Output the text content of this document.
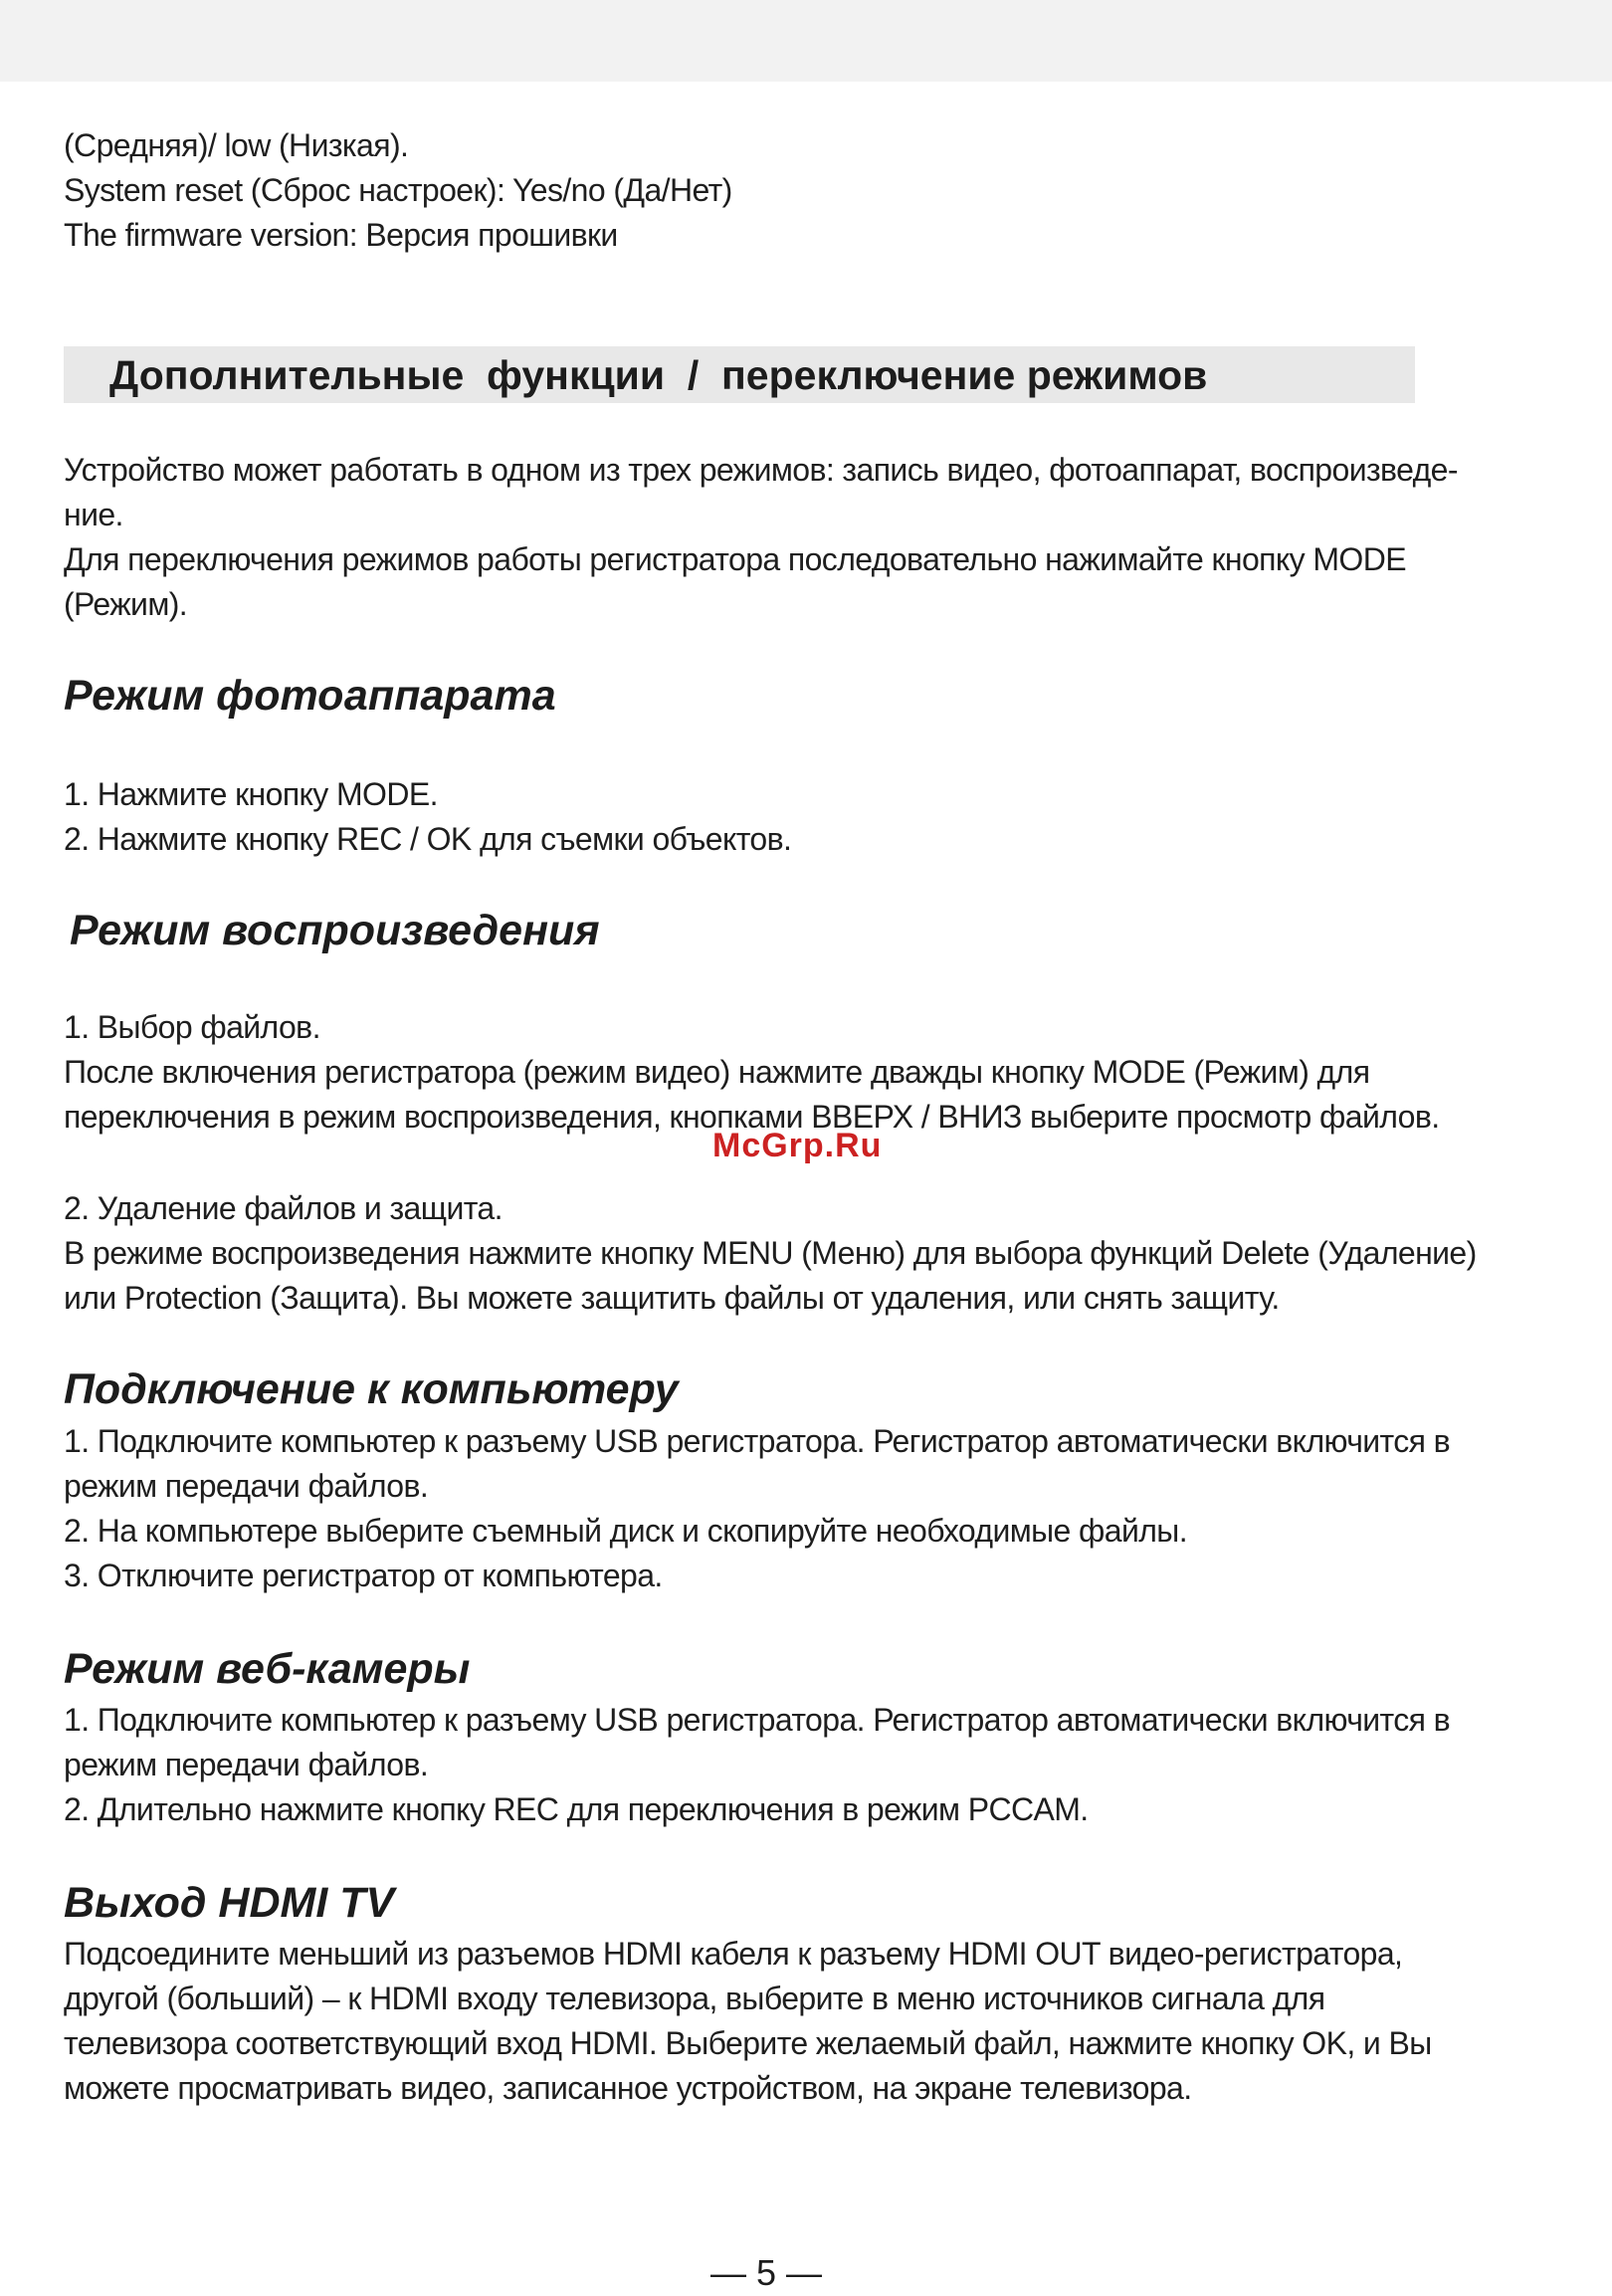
(Средняя)/ low (Низкая).
System reset (Сброс настроек): Yes/no (Да/Нет)
The firmware version: Версия прошивки

Дополнительные  функции  /  переключение режимов

Устройство может работать в одном из трех режимов: запись видео, фотоаппарат, воспроизведе-
ние.
Для переключения режимов работы регистратора последовательно нажимайте кнопку MODE
(Режим).

Режим фотоаппарата

1. Нажмите кнопку MODE.
2. Нажмите кнопку REC / OK для съемки объектов.

Режим воспроизведения

1. Выбор файлов.
После включения регистратора (режим видео) нажмите дважды кнопку MODE (Режим) для
переключения в режим воспроизведения, кнопками ВВЕРХ / ВНИЗ выберите просмотр файлов.

McGrp.Ru

2. Удаление файлов и защита.
В режиме воспроизведения нажмите кнопку MENU (Меню) для выбора функций Delete (Удаление)
или Protection (Защита). Вы можете защитить файлы от удаления, или снять защиту.

Подключение к компьютеру

1. Подключите компьютер к разъему USB регистратора. Регистратор автоматически включится в
режим передачи файлов.
2. На компьютере выберите съемный диск и скопируйте необходимые файлы.
3. Отключите регистратор от компьютера.

Режим веб-камеры

1. Подключите компьютер к разъему USB регистратора. Регистратор автоматически включится в
режим передачи файлов.
2. Длительно нажмите кнопку REC для переключения в режим PCCAM.

Выход HDMI TV

Подсоедините меньший из разъемов HDMI кабеля к разъему HDMI OUT видео-регистратора,
другой (больший) – к HDMI входу телевизора, выберите в меню источников сигнала для
телевизора соответствующий вход HDMI. Выберите желаемый файл, нажмите кнопку OK, и Вы
можете просматривать видео, записанное устройством, на экране телевизора.

— 5 —
